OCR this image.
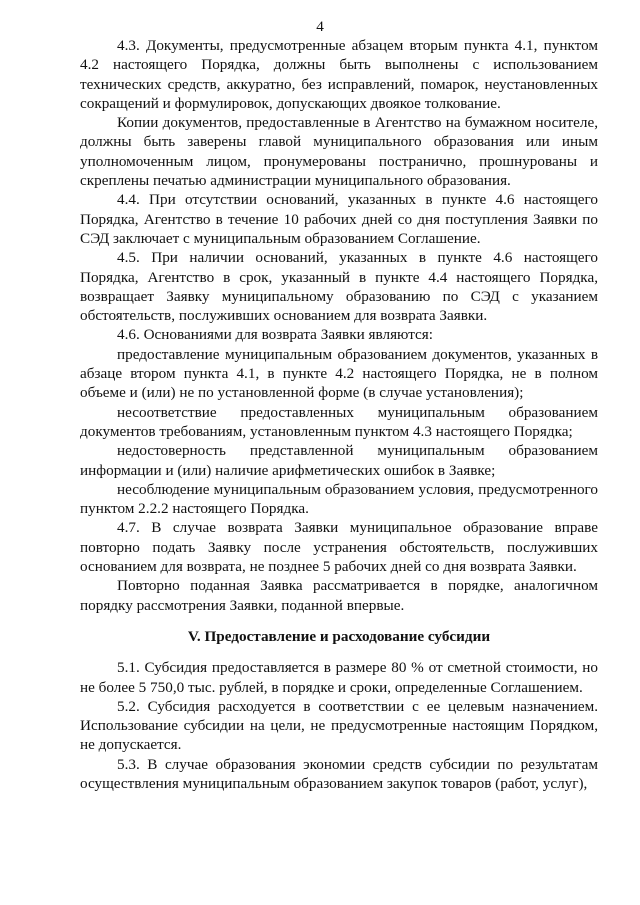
4

4.3. Документы, предусмотренные абзацем вторым пункта 4.1, пунктом 4.2 настоящего Порядка, должны быть выполнены с использованием технических средств, аккуратно, без исправлений, помарок, неустановленных сокращений и формулировок, допускающих двоякое толкование.

Копии документов, предоставленные в Агентство на бумажном носителе, должны быть заверены главой муниципального образования или иным уполномоченным лицом, пронумерованы постранично, прошнурованы и скреплены печатью администрации муниципального образования.

4.4. При отсутствии оснований, указанных в пункте 4.6 настоящего Порядка, Агентство в течение 10 рабочих дней со дня поступления Заявки по СЭД заключает с муниципальным образованием Соглашение.

4.5. При наличии оснований, указанных в пункте 4.6 настоящего Порядка, Агентство в срок, указанный в пункте 4.4 настоящего Порядка, возвращает Заявку муниципальному образованию по СЭД с указанием обстоятельств, послуживших основанием для возврата Заявки.

4.6. Основаниями для возврата Заявки являются:

предоставление муниципальным образованием документов, указанных в абзаце втором пункта 4.1, в пункте 4.2 настоящего Порядка, не в полном объеме и (или) не по установленной форме (в случае установления);

несоответствие предоставленных муниципальным образованием документов требованиям, установленным пунктом 4.3 настоящего Порядка;

недостоверность представленной муниципальным образованием информации и (или) наличие арифметических ошибок в Заявке;

несоблюдение муниципальным образованием условия, предусмотренного пунктом 2.2.2 настоящего Порядка.

4.7. В случае возврата Заявки муниципальное образование вправе повторно подать Заявку после устранения обстоятельств, послуживших основанием для возврата, не позднее 5 рабочих дней со дня возврата Заявки.

Повторно поданная Заявка рассматривается в порядке, аналогичном порядку рассмотрения Заявки, поданной впервые.

V. Предоставление и расходование субсидии

5.1. Субсидия предоставляется в размере 80 % от сметной стоимости, но не более 5 750,0 тыс. рублей, в порядке и сроки, определенные Соглашением.

5.2. Субсидия расходуется в соответствии с ее целевым назначением. Использование субсидии на цели, не предусмотренные настоящим Порядком, не допускается.

5.3. В случае образования экономии средств субсидии по результатам осуществления муниципальным образованием закупок товаров (работ, услуг),
